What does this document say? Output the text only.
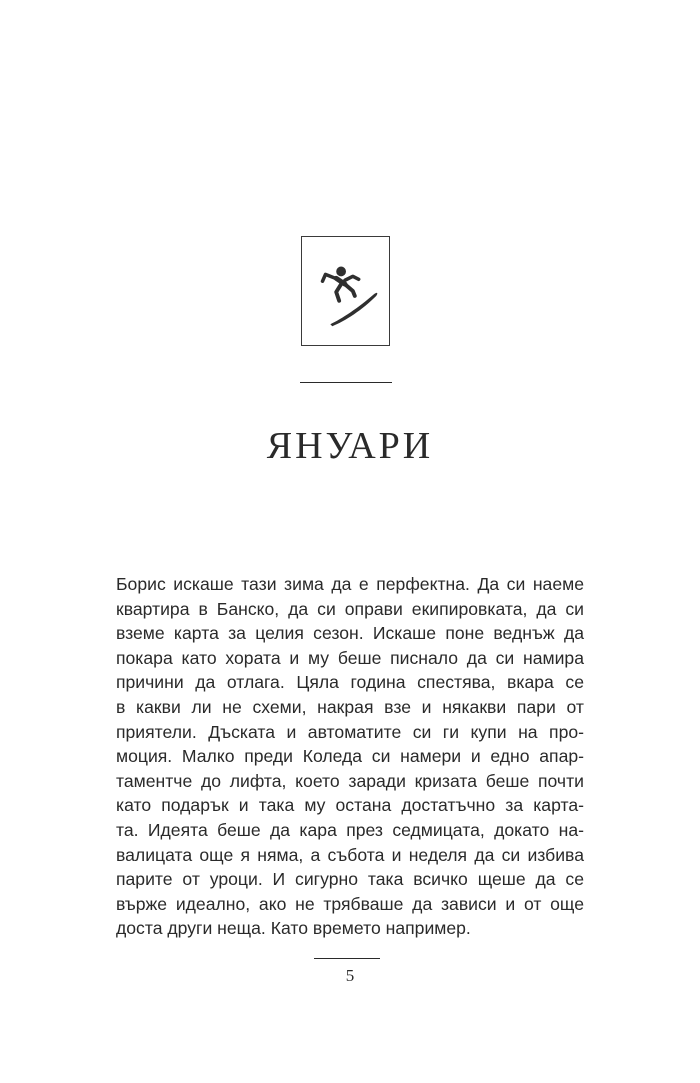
ЯНУАРИ
Борис искаше тази зима да е перфектна. Да си наеме
квартира в Банско, да си оправи екипировката, да си
вземе карта за целия сезон. Искаше поне веднъж да
покара като хората и му беше писнало да си намира
причини да отлага. Цяла година спестява, вкара се
в какви ли не схеми, накрая взе и някакви пари от
приятели. Дъската и автоматите си ги купи на про-
моция. Малко преди Коледа си намери и едно апар-
таментче до лифта, което заради кризата беше почти
като подарък и така му остана достатъчно за карта-
та. Идеята беше да кара през седмицата, докато на-
валицата още я няма, а събота и неделя да си избива
парите от уроци. И сигурно така всичко щеше да се
върже идеално, ако не трябваше да зависи и от още
доста други неща. Като времето например.

5
